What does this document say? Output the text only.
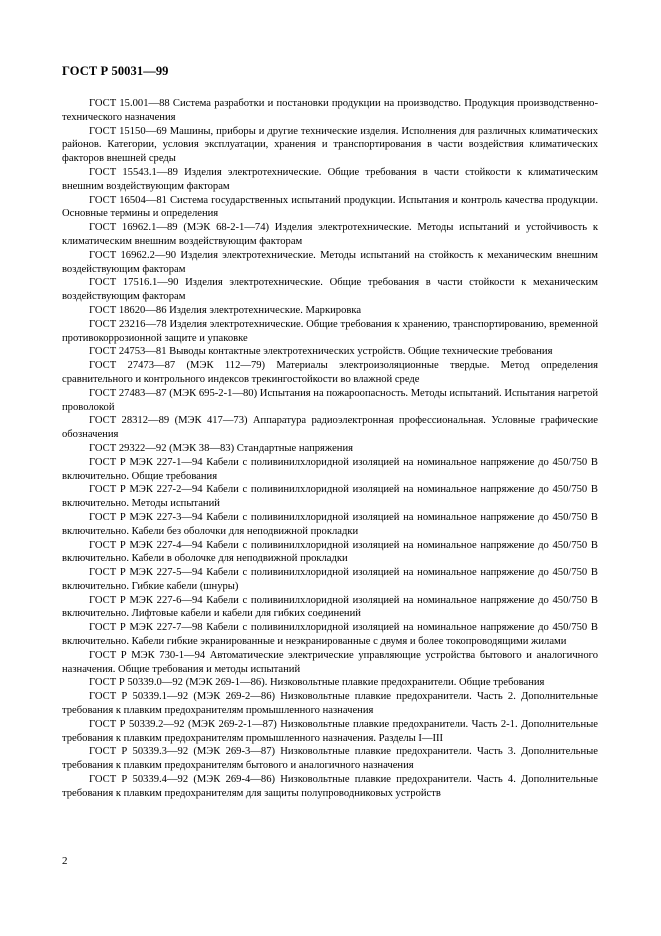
ГОСТ Р 50031—99

ГОСТ 15.001—88 Система разработки и постановки продукции на производство. Продукция производственно-технического назначения

ГОСТ 15150—69 Машины, приборы и другие технические изделия. Исполнения для различных климатических районов. Категории, условия эксплуатации, хранения и транспортирования в части воздействия климатических факторов внешней среды

ГОСТ 15543.1—89 Изделия электротехнические. Общие требования в части стойкости к климатическим внешним воздействующим факторам

ГОСТ 16504—81 Система государственных испытаний продукции. Испытания и контроль качества продукции. Основные термины и определения

ГОСТ 16962.1—89 (МЭК 68-2-1—74) Изделия электротехнические. Методы испытаний и устойчивость к климатическим внешним воздействующим факторам

ГОСТ 16962.2—90 Изделия электротехнические. Методы испытаний на стойкость к механическим внешним воздействующим факторам

ГОСТ 17516.1—90 Изделия электротехнические. Общие требования в части стойкости к механическим воздействующим факторам

ГОСТ 18620—86 Изделия электротехнические. Маркировка

ГОСТ 23216—78 Изделия электротехнические. Общие требования к хранению, транспортированию, временной противокоррозионной защите и упаковке

ГОСТ 24753—81 Выводы контактные электротехнических устройств. Общие технические требования

ГОСТ 27473—87 (МЭК 112—79) Материалы электроизоляционные твердые. Метод определения сравнительного и контрольного индексов трекингостойкости во влажной среде

ГОСТ 27483—87 (МЭК 695-2-1—80) Испытания на пожароопасность. Методы испытаний. Испытания нагретой проволокой

ГОСТ 28312—89 (МЭК 417—73) Аппаратура радиоэлектронная профессиональная. Условные графические обозначения

ГОСТ 29322—92 (МЭК 38—83) Стандартные напряжения

ГОСТ Р МЭК 227-1—94 Кабели с поливинилхлоридной изоляцией на номинальное напряжение до 450/750 В включительно. Общие требования

ГОСТ Р МЭК 227-2—94 Кабели с поливинилхлоридной изоляцией на номинальное напряжение до 450/750 В включительно. Методы испытаний

ГОСТ Р МЭК 227-3—94 Кабели с поливинилхлоридной изоляцией на номинальное напряжение до 450/750 В включительно. Кабели без оболочки для неподвижной прокладки

ГОСТ Р МЭК 227-4—94 Кабели с поливинилхлоридной изоляцией на номинальное напряжение до 450/750 В включительно. Кабели в оболочке для неподвижной прокладки

ГОСТ Р МЭК 227-5—94 Кабели с поливинилхлоридной изоляцией на номинальное напряжение до 450/750 В включительно. Гибкие кабели (шнуры)

ГОСТ Р МЭК 227-6—94 Кабели с поливинилхлоридной изоляцией на номинальное напряжение до 450/750 В включительно. Лифтовые кабели и кабели для гибких соединений

ГОСТ Р МЭК 227-7—98 Кабели с поливинилхлоридной изоляцией на номинальное напряжение до 450/750 В включительно. Кабели гибкие экранированные и неэкранированные с двумя и более токопроводящими жилами

ГОСТ Р МЭК 730-1—94 Автоматические электрические управляющие устройства бытового и аналогичного назначения. Общие требования и методы испытаний

ГОСТ Р 50339.0—92 (МЭК 269-1—86). Низковольтные плавкие предохранители. Общие требования

ГОСТ Р 50339.1—92 (МЭК 269-2—86) Низковольтные плавкие предохранители. Часть 2. Дополнительные требования к плавким предохранителям промышленного назначения

ГОСТ Р 50339.2—92 (МЭК 269-2-1—87) Низковольтные плавкие предохранители. Часть 2-1. Дополнительные требования к плавким предохранителям промышленного назначения. Разделы I—III

ГОСТ Р 50339.3—92 (МЭК 269-3—87) Низковольтные плавкие предохранители. Часть 3. Дополнительные требования к плавким предохранителям бытового и аналогичного назначения

ГОСТ Р 50339.4—92 (МЭК 269-4—86) Низковольтные плавкие предохранители. Часть 4. Дополнительные требования к плавким предохранителям для защиты полупроводниковых устройств

2
